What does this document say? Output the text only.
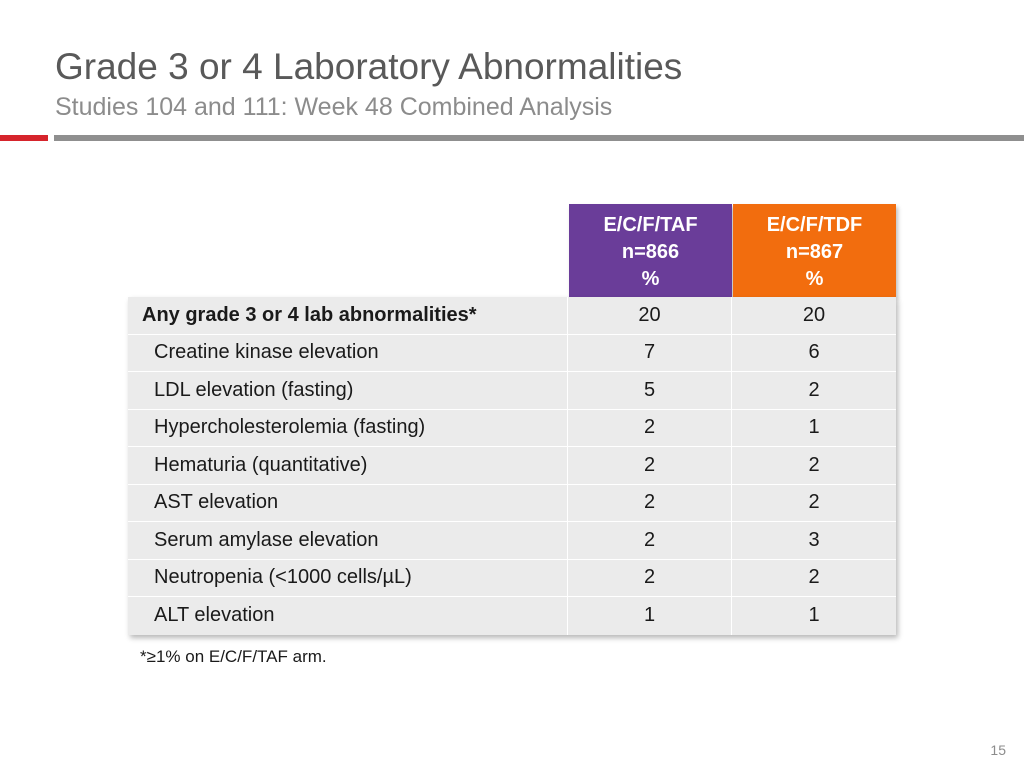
Grade 3 or 4 Laboratory Abnormalities
Studies 104 and 111: Week 48 Combined Analysis
E/C/F/TAF
n=866
%
E/C/F/TDF
n=867
%
Any grade 3 or 4 lab abnormalities*	20	20
Creatine kinase elevation	7	6
LDL elevation (fasting)	5	2
Hypercholesterolemia (fasting)	2	1
Hematuria (quantitative)	2	2
AST elevation	2	2
Serum amylase elevation	2	3
Neutropenia (<1000 cells/µL)	2	2
ALT elevation	1	1
*≥1% on E/C/F/TAF arm.
15
